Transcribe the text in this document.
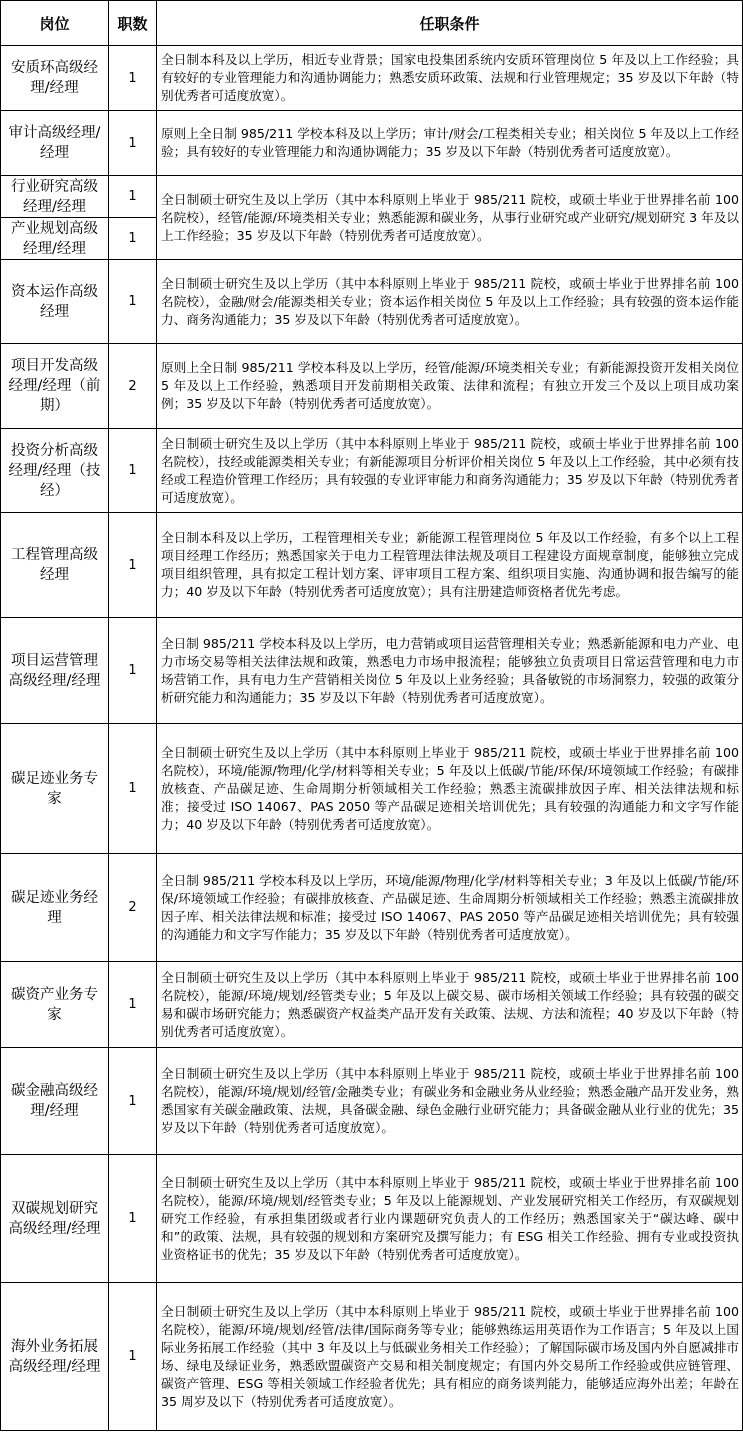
岗位	职数	任职条件
安质环高级经理/经理	1	全日制本科及以上学历，相近专业背景；国家电投集团系统内安质环管理岗位 5 年及以上工作经验；具有较好的专业管理能力和沟通协调能力；熟悉安质环政策、法规和行业管理规定；35 岁及以下年龄（特别优秀者可适度放宽）。
审计高级经理/经理	1	原则上全日制 985/211 学校本科及以上学历；审计/财会/工程类相关专业；相关岗位 5 年及以上工作经验；具有较好的专业管理能力和沟通协调能力；35 岁及以下年龄（特别优秀者可适度放宽）。
行业研究高级经理/经理	1	全日制硕士研究生及以上学历（其中本科原则上毕业于 985/211 院校，或硕士毕业于世界排名前 100 名院校），经管/能源/环境类相关专业；熟悉能源和碳业务，从事行业研究或产业研究/规划研究 3 年及以上工作经验；35 岁及以下年龄（特别优秀者可适度放宽）。
产业规划高级经理/经理	1	
资本运作高级经理	1	全日制硕士研究生及以上学历（其中本科原则上毕业于 985/211 院校，或硕士毕业于世界排名前 100 名院校），金融/财会/能源类相关专业；资本运作相关岗位 5 年及以上工作经验；具有较强的资本运作能力、商务沟通能力；35 岁及以下年龄（特别优秀者可适度放宽）。
项目开发高级经理/经理（前期）	2	原则上全日制 985/211 学校本科及以上学历，经管/能源/环境类相关专业；有新能源投资开发相关岗位 5 年及以上工作经验，熟悉项目开发前期相关政策、法律和流程；有独立开发三个及以上项目成功案例；35 岁及以下年龄（特别优秀者可适度放宽）。
投资分析高级经理/经理（技经）	1	全日制硕士研究生及以上学历（其中本科原则上毕业于 985/211 院校，或硕士毕业于世界排名前 100 名院校），技经或能源类相关专业；有新能源项目分析评价相关岗位 5 年及以上工作经验，其中必须有技经或工程造价管理工作经历；具有较强的专业评审能力和商务沟通能力；35 岁及以下年龄（特别优秀者可适度放宽）。
工程管理高级经理	1	全日制本科及以上学历，工程管理相关专业；新能源工程管理岗位 5 年及以工作经验，有多个以上工程项目经理工作经历；熟悉国家关于电力工程管理法律法规及项目工程建设方面规章制度，能够独立完成项目组织管理，具有拟定工程计划方案、评审项目工程方案、组织项目实施、沟通协调和报告编写的能力；40 岁及以下年龄（特别优秀者可适度放宽）；具有注册建造师资格者优先考虑。
项目运营管理高级经理/经理	1	全日制 985/211 学校本科及以上学历，电力营销或项目运营管理相关专业；熟悉新能源和电力产业、电力市场交易等相关法律法规和政策，熟悉电力市场申报流程；能够独立负责项目日常运营管理和电力市场营销工作，具有电力生产营销相关岗位 5 年及以上业务经验；具备敏锐的市场洞察力，较强的政策分析研究能力和沟通能力；35 岁及以下年龄（特别优秀者可适度放宽）。
碳足迹业务专家	1	全日制硕士研究生及以上学历（其中本科原则上毕业于 985/211 院校，或硕士毕业于世界排名前 100 名院校），环境/能源/物理/化学/材料等相关专业；5 年及以上低碳/节能/环保/环境领域工作经验；有碳排放核查、产品碳足迹、生命周期分析领域相关工作经验；熟悉主流碳排放因子库、相关法律法规和标准；接受过 ISO 14067、PAS 2050 等产品碳足迹相关培训优先；具有较强的沟通能力和文字写作能力；40 岁及以下年龄（特别优秀者可适度放宽）。
碳足迹业务经理	2	全日制 985/211 学校本科及以上学历，环境/能源/物理/化学/材料等相关专业；3 年及以上低碳/节能/环保/环境领域工作经验；有碳排放核查、产品碳足迹、生命周期分析领域相关工作经验；熟悉主流碳排放因子库、相关法律法规和标准；接受过 ISO 14067、PAS 2050 等产品碳足迹相关培训优先；具有较强的沟通能力和文字写作能力；35 岁及以下年龄（特别优秀者可适度放宽）。
碳资产业务专家	1	全日制硕士研究生及以上学历（其中本科原则上毕业于 985/211 院校，或硕士毕业于世界排名前 100 名院校），能源/环境/规划/经管类专业；5 年及以上碳交易、碳市场相关领域工作经验；具有较强的碳交易和碳市场研究能力；熟悉碳资产权益类产品开发有关政策、法规、方法和流程；40 岁及以下年龄（特别优秀者可适度放宽）。
碳金融高级经理/经理	1	全日制硕士研究生及以上学历（其中本科原则上毕业于 985/211 院校，或硕士毕业于世界排名前 100 名院校），能源/环境/规划/经管/金融类专业；有碳业务和金融业务从业经验；熟悉金融产品开发业务，熟悉国家有关碳金融政策、法规，具备碳金融、绿色金融行业研究能力；具备碳金融从业行业的优先；35 岁及以下年龄（特别优秀者可适度放宽）。
双碳规划研究高级经理/经理	1	全日制硕士研究生及以上学历（其中本科原则上毕业于 985/211 院校，或硕士毕业于世界排名前 100 名院校），能源/环境/规划/经管类专业；5 年及以上能源规划、产业发展研究相关工作经历，有双碳规划研究工作经验，有承担集团级或者行业内课题研究负责人的工作经历；熟悉国家关于“碳达峰、碳中和”的政策、法规，具有较强的规划和方案研究及撰写能力；有 ESG 相关工作经验、拥有专业或投资执业资格证书的优先；35 岁及以下年龄（特别优秀者可适度放宽）。
海外业务拓展高级经理/经理	1	全日制硕士研究生及以上学历（其中本科原则上毕业于 985/211 院校，或硕士毕业于世界排名前 100 名院校），能源/环境/规划/经管/法律/国际商务等专业；能够熟练运用英语作为工作语言；5 年及以上国际业务拓展工作经验（其中 3 年及以上与低碳业务相关工作经验）；了解国际碳市场及国内外自愿减排市场、绿电及绿证业务，熟悉欧盟碳资产交易和相关制度规定；有国内外交易所工作经验或供应链管理、碳资产管理、ESG 等相关领域工作经验者优先；具有相应的商务谈判能力，能够适应海外出差；年龄在 35 周岁及以下（特别优秀者可适度放宽）。
